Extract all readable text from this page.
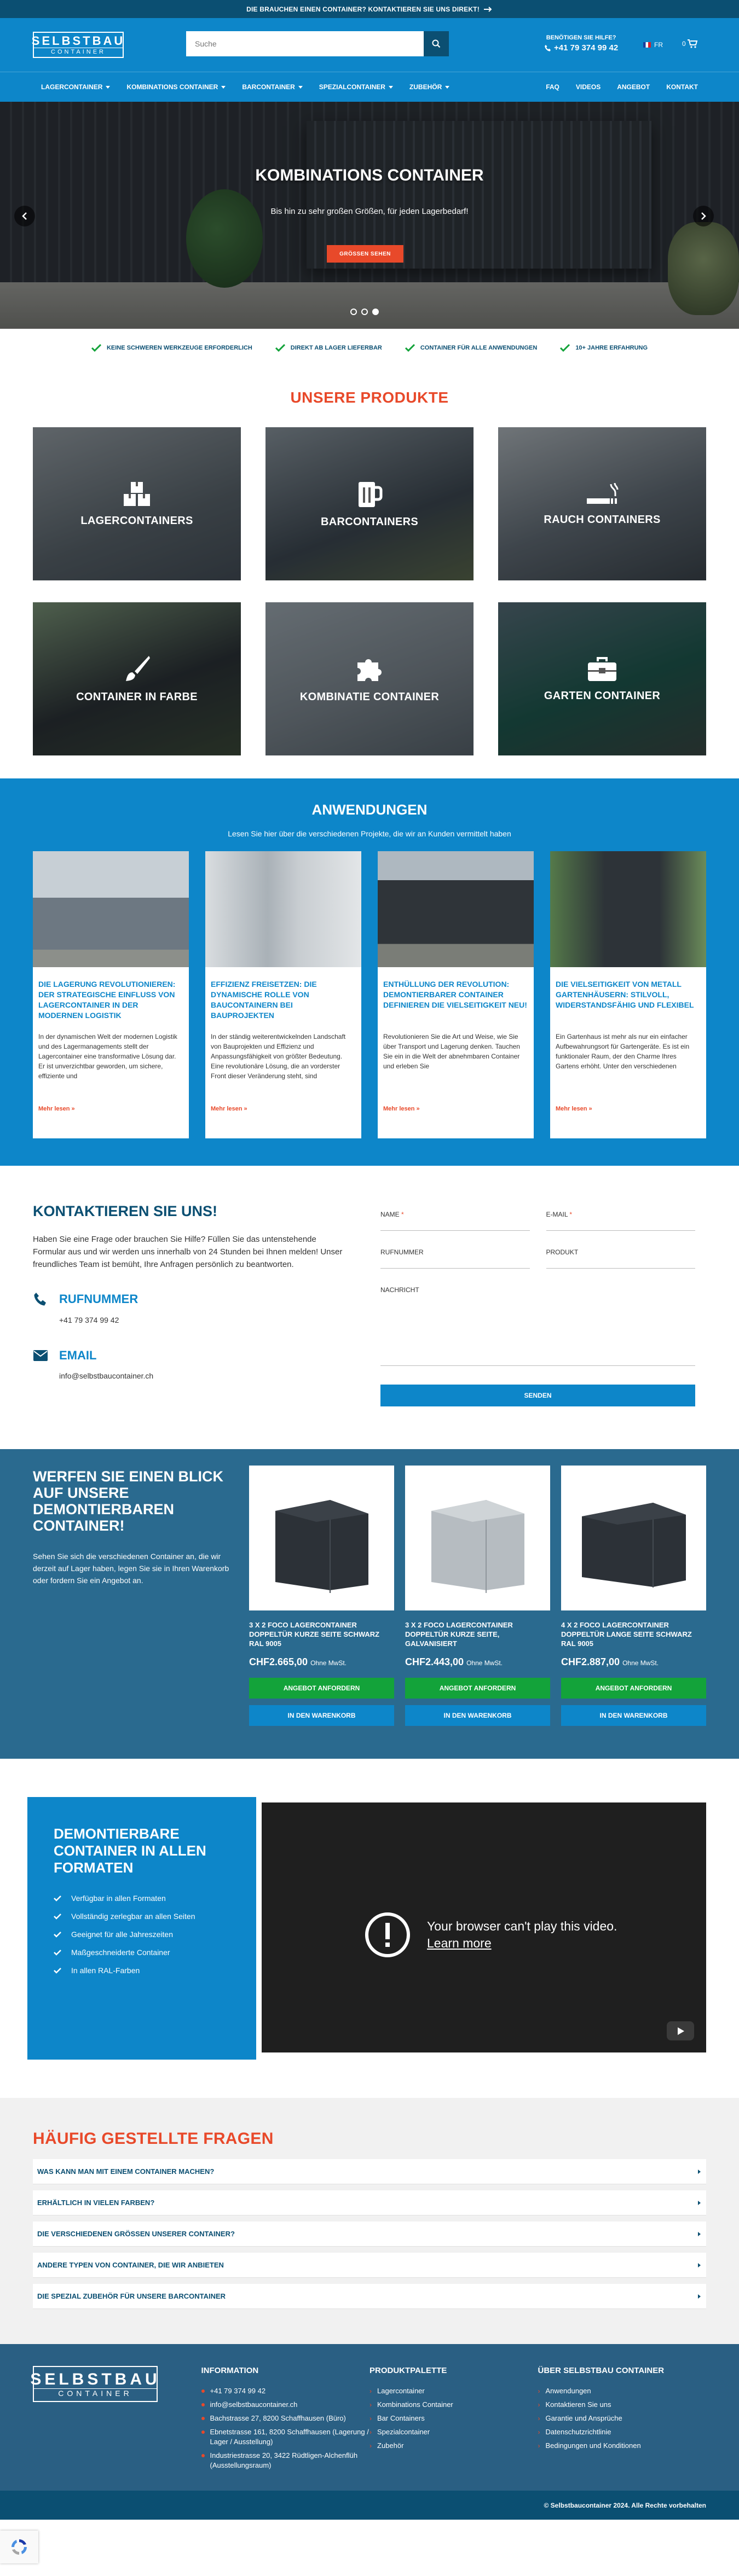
DIE BRAUCHEN EINEN CONTAINER? KONTAKTIEREN SIE UNS DIREKT!
SELBSTBAU
CONTAINER
Suche
BENÖTIGEN SIE HILFE?
+41 79 374 99 42	FR	0
LAGERCONTAINER	KOMBINATIONS CONTAINER	BARCONTAINER	SPEZIALCONTAINER	ZUBEHÖR	FAQ	VIDEOS	ANGEBOT	KONTAKT
KOMBINATIONS CONTAINER
Bis hin zu sehr großen Größen, für jeden Lagerbedarf!
GRÖSSEN SEHEN
KEINE SCHWEREN WERKZEUGE ERFORDERLICH	DIREKT AB LAGER LIEFERBAR	CONTAINER FÜR ALLE ANWENDUNGEN	10+ JAHRE ERFAHRUNG
UNSERE PRODUKTE
LAGERCONTAINERS	BARCONTAINERS	RAUCH CONTAINERS
CONTAINER IN FARBE	KOMBINATIE CONTAINER	GARTEN CONTAINER
ANWENDUNGEN

Lesen Sie hier über die verschiedenen Projekte, die wir an Kunden vermittelt haben

DIE LAGERUNG REVOLUTIONIEREN: DER STRATEGISCHE EINFLUSS VON LAGERCONTAINER IN DER MODERNEN LOGISTIK
In der dynamischen Welt der modernen Logistik und des Lagermanagements stellt der Lagercontainer eine transformative Lösung dar. Er ist unverzichtbar geworden, um sichere, effiziente und
Mehr lesen »
EFFIZIENZ FREISETZEN: DIE DYNAMISCHE ROLLE VON BAUCONTAINERN BEI BAUPROJEKTEN
In der ständig weiterentwickelnden Landschaft von Bauprojekten und Effizienz und Anpassungsfähigkeit von größter Bedeutung. Eine revolutionäre Lösung, die an vorderster Front dieser Veränderung steht, sind
Mehr lesen »
ENTHÜLLUNG DER REVOLUTION: DEMONTIERBARER CONTAINER DEFINIEREN DIE VIELSEITIGKEIT NEU!
Revolutionieren Sie die Art und Weise, wie Sie über Transport und Lagerung denken. Tauchen Sie ein in die Welt der abnehmbaren Container und erleben Sie
Mehr lesen »
DIE VIELSEITIGKEIT VON METALL GARTENHÄUSERN: STILVOLL, WIDERSTANDSFÄHIG UND FLEXIBEL
Ein Gartenhaus ist mehr als nur ein einfacher Aufbewahrungsort für Gartengeräte. Es ist ein funktionaler Raum, der den Charme Ihres Gartens erhöht. Unter den verschiedenen
Mehr lesen »
KONTAKTIEREN SIE UNS!

Haben Sie eine Frage oder brauchen Sie Hilfe? Füllen Sie das untenstehende Formular aus und wir werden uns innerhalb von 24 Stunden bei Ihnen melden! Unser freundliches Team ist bemüht, Ihre Anfragen persönlich zu beantworten.

RUFNUMMER
+41 79 374 99 42
EMAIL
info@selbstbaucontainer.ch
NAME *	E-MAIL *
RUFNUMMER	PRODUKT
NACHRICHT
SENDEN
WERFEN SIE EINEN BLICK AUF UNSERE DEMONTIERBAREN CONTAINER!

Sehen Sie sich die verschiedenen Container an, die wir derzeit auf Lager haben, legen Sie sie in Ihren Warenkorb oder fordern Sie ein Angebot an.

3 X 2 FOCO LAGERCONTAINER DOPPELTÜR KURZE SEITE SCHWARZ RAL 9005
CHF2.665,00 Ohne MwSt.
ANGEBOT ANFORDERN IN DEN WARENKORB
3 X 2 FOCO LAGERCONTAINER DOPPELTÜR KURZE SEITE, GALVANISIERT
CHF2.443,00 Ohne MwSt.
ANGEBOT ANFORDERN IN DEN WARENKORB
4 X 2 FOCO LAGERCONTAINER DOPPELTÜR LANGE SEITE SCHWARZ RAL 9005
CHF2.887,00 Ohne MwSt.
ANGEBOT ANFORDERN IN DEN WARENKORB
DEMONTIERBARE CONTAINER IN ALLEN FORMATEN
Verfügbar in allen Formaten
Vollständig zerlegbar an allen Seiten
Geeignet für alle Jahreszeiten
Maßgeschneiderte Container
In allen RAL-Farben
Your browser can't play this video.
Learn more
HÄUFIG GESTELLTE FRAGEN
WAS KANN MAN MIT EINEM CONTAINER MACHEN?
ERHÄLTLICH IN VIELEN FARBEN?
DIE VERSCHIEDENEN GRÖSSEN UNSERER CONTAINER?
ANDERE TYPEN VON CONTAINER, DIE WIR ANBIETEN
DIE SPEZIAL ZUBEHÖR FÜR UNSERE BARCONTAINER
SELBSTBAU
CONTAINER
INFORMATION
+41 79 374 99 42
info@selbstbaucontainer.ch
Bachstrasse 27, 8200 Schaffhausen (Büro)
Ebnetstrasse 161, 8200 Schaffhausen (Lagerung / Lager / Ausstellung)
Industriestrasse 20, 3422 Rüdtligen-Alchenflüh (Ausstellungsraum)
PRODUKTPALETTE
› Lagercontainer
› Kombinations Container
› Bar Containers
› Spezialcontainer
› Zubehör
ÜBER SELBSTBAU CONTAINER
› Anwendungen
› Kontaktieren Sie uns
› Garantie und Ansprüche
› Datenschutzrichtlinie
› Bedingungen und Konditionen
© Selbstbaucontainer 2024. Alle Rechte vorbehalten
